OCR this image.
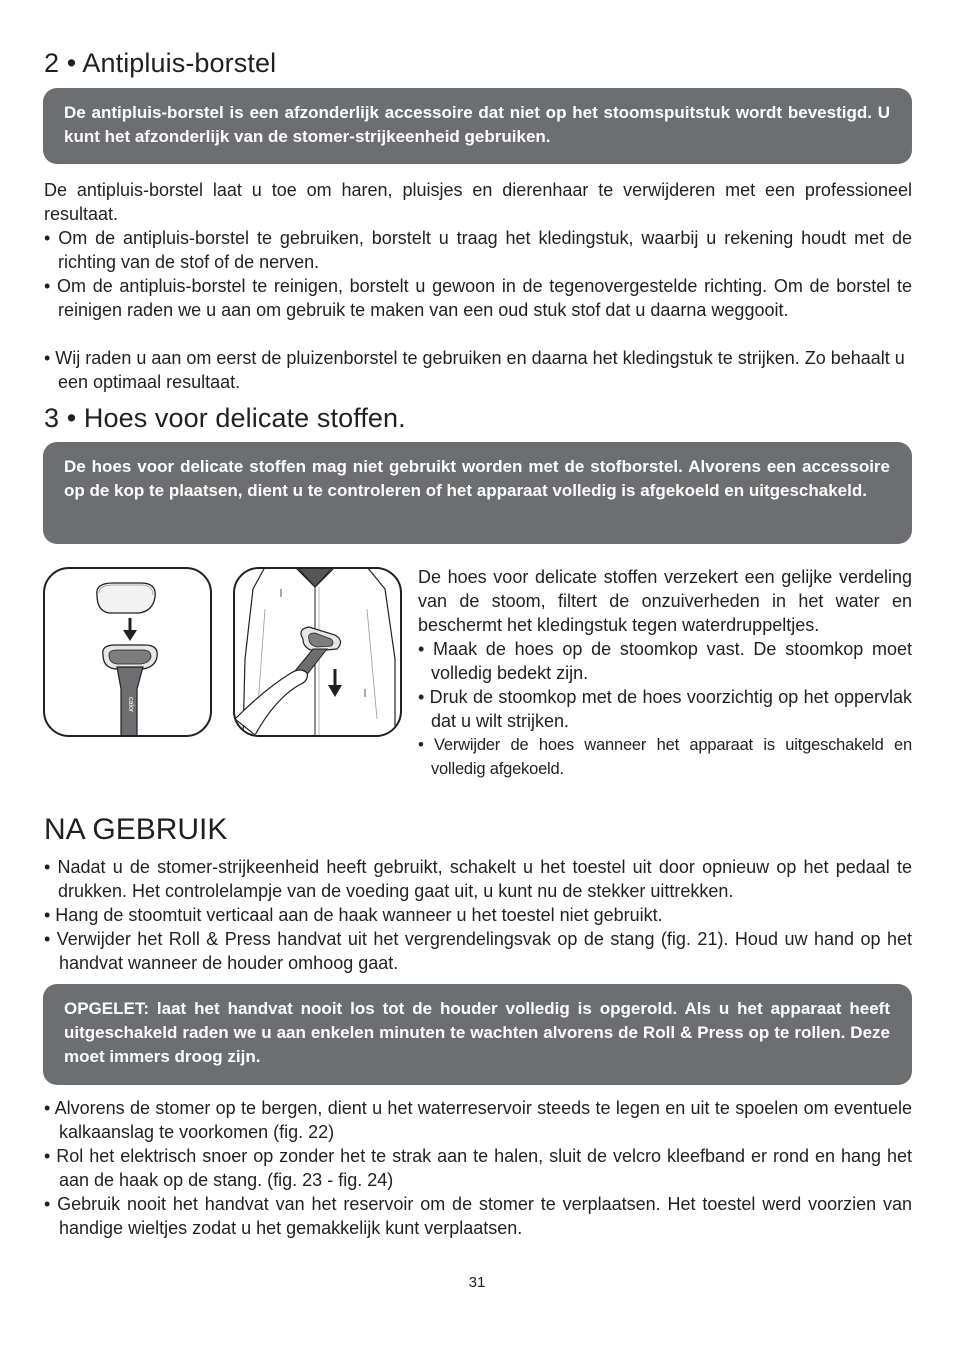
2 • Antipluis-borstel
De antipluis-borstel is een afzonderlijk accessoire dat niet op het stoomspuitstuk wordt bevestigd. U kunt het afzonderlijk van de stomer-strijkeenheid gebruiken.

De antipluis-borstel laat u toe om haren, pluisjes en dierenhaar te verwijderen met een professioneel resultaat.

• Om de antipluis-borstel te gebruiken, borstelt u traag het kledingstuk, waarbij u rekening houdt met de richting van de stof of de nerven.

• Om de antipluis-borstel te reinigen, borstelt u gewoon in de tegenovergestelde richting. Om de borstel te reinigen raden we u aan om gebruik te maken van een oud stuk stof dat u daarna weggooit.

• Wij raden u aan om eerst de pluizenborstel te gebruiken en daarna het kledingstuk te strijken. Zo behaalt u een optimaal resultaat.

3 • Hoes voor delicate stoffen.
De hoes voor delicate stoffen mag niet gebruikt worden met de stofborstel. Alvorens een accessoire op de kop te plaatsen, dient u te controleren of het apparaat volledig is afgekoeld en uitgeschakeld.
calor

De hoes voor delicate stoffen verzekert een gelijke verdeling van de stoom, filtert de onzuiverheden in het water en beschermt het kledingstuk tegen waterdruppeltjes.

• Maak de hoes op de stoomkop vast. De stoomkop moet volledig bedekt zijn.

• Druk de stoomkop met de hoes voorzichtig op het oppervlak dat u wilt strijken.

• Verwijder de hoes wanneer het apparaat is uitgeschakeld en volledig afgekoeld.

NA GEBRUIK

• Nadat u de stomer-strijkeenheid heeft gebruikt, schakelt u het toestel uit door opnieuw op het pedaal te drukken. Het controlelampje van de voeding gaat uit, u kunt nu de stekker uittrekken.

• Hang de stoomtuit verticaal aan de haak wanneer u het toestel niet gebruikt.

• Verwijder het Roll & Press handvat uit het vergrendelingsvak op de stang (fig. 21). Houd uw hand op het handvat wanneer de houder omhoog gaat.

OPGELET: laat het handvat nooit los tot de houder volledig is opgerold. Als u het apparaat heeft uitgeschakeld raden we u aan enkelen minuten te wachten alvorens de Roll & Press op te rollen. Deze moet immers droog zijn.

• Alvorens de stomer op te bergen, dient u het waterreservoir steeds te legen en uit te spoelen om eventuele kalkaanslag te voorkomen (fig. 22)

• Rol het elektrisch snoer op zonder het te strak aan te halen, sluit de velcro kleefband er rond en hang het aan de haak op de stang. (fig. 23 - fig. 24)

• Gebruik nooit het handvat van het reservoir om de stomer te verplaatsen. Het toestel werd voorzien van handige wieltjes zodat u het gemakkelijk kunt verplaatsen.

31
